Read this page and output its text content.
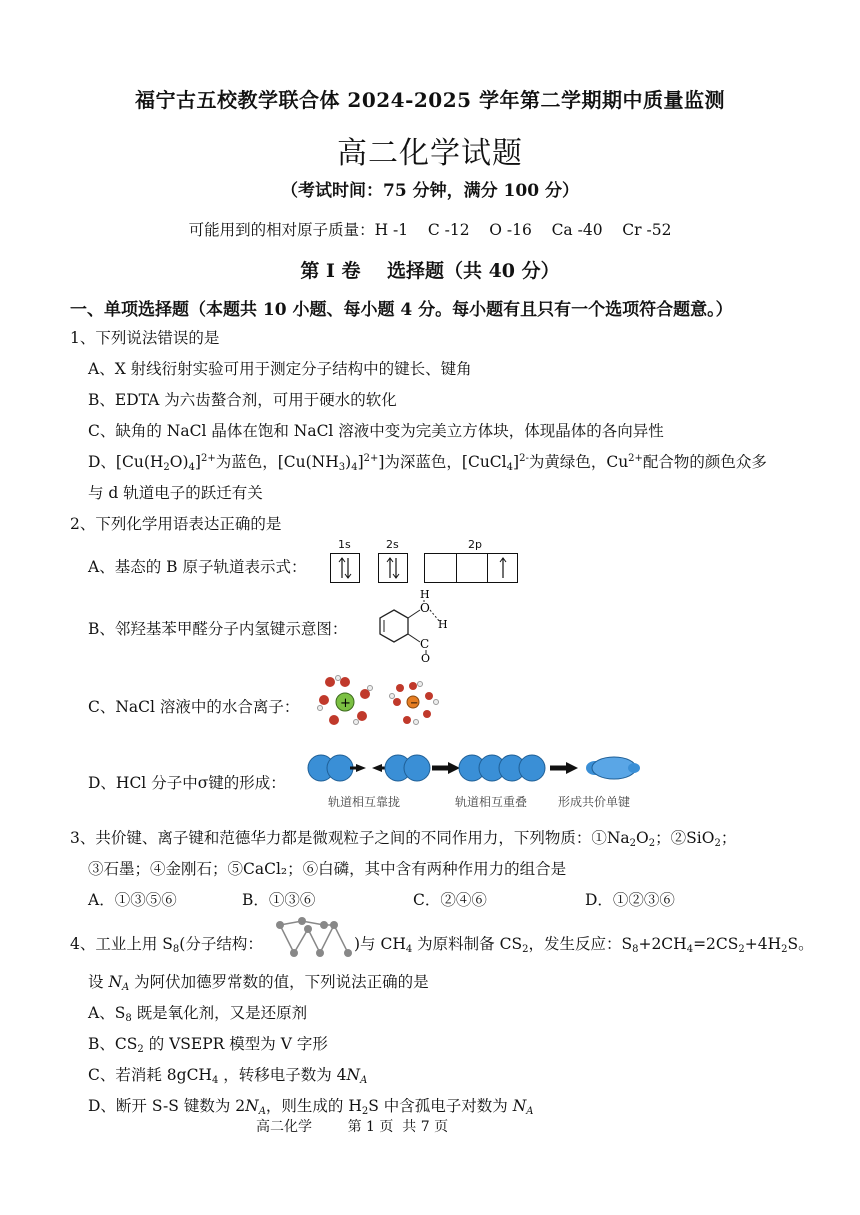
福宁古五校教学联合体 2024-2025 学年第二学期期中质量监测
高二化学试题
（考试时间：75 分钟，满分 100 分）
可能用到的相对原子质量：H -1    C -12    O -16    Ca -40    Cr -52
第 I 卷    选择题（共 40 分）
一、单项选择题（本题共 10 小题、每小题 4 分。每小题有且只有一个选项符合题意。）
1、下列说法错误的是
A、X 射线衍射实验可用于测定分子结构中的键长、键角
B、EDTA 为六齿螯合剂，可用于硬水的软化
C、缺角的 NaCl 晶体在饱和 NaCl 溶液中变为完美立方体块，体现晶体的各向异性
D、$[Cu(H_2O)_4]^{2+}$为蓝色，$[Cu(NH_3)_4]^{2+}$]为深蓝色，[CuCl$_4$]$^{2-}$为黄绿色，$Cu^{2+}$配合物的颜色众多
与 d 轨道电子的跃迁有关
2、下列化学用语表达正确的是
A、基态的 B 原子轨道表示式：
1s	2s	2p
B、邻羟基苯甲醛分子内氢键示意图：
O
H
H
C
O
C、NaCl 溶液中的水合离子：	+	−
D、HCl 分子中σ键的形成：
轨道相互靠拢	轨道相互重叠	形成共价单键
3、共价键、离子键和范德华力都是微观粒子之间的不同作用力，下列物质：$①Na_2O_2$；②SiO$_2$；
③石墨；④金刚石；⑤CaCl₂；⑥白磷，其中含有两种作用力的组合是
A．①③⑤⑥	B．①③⑥	C．②④⑥	D．①②③⑥
4、工业上用 $S_8$(分子结构：	)与 $CH_4$ 为原料制备 $CS_2$，发生反应：$S_8+2CH_4=2CS_2+4H_2S$。
设 $N_A$ 为阿伏加德罗常数的值，下列说法正确的是
A、$S_8$ 既是氧化剂，又是还原剂
B、$CS_2$ 的 VSEPR 模型为 V 字形
C、若消耗 8gCH$_4$ ，转移电子数为 $4N_A$
D、断开 S-S 键数为 $2N_A$，则生成的 $H_2S$ 中含孤电子对数为 $N_A$
高二化学        第 1 页  共 7 页
